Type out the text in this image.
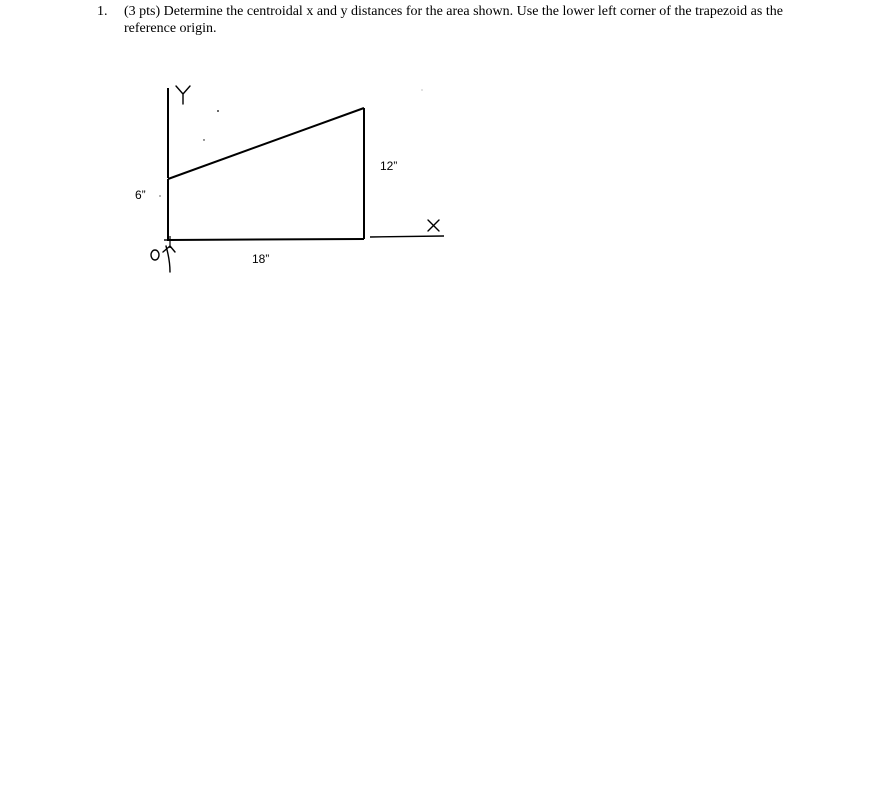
1.	(3 pts) Determine the centroidal x and y distances for the area shown. Use the lower left corner of the trapezoid as the reference origin.
6”
12”
18”
